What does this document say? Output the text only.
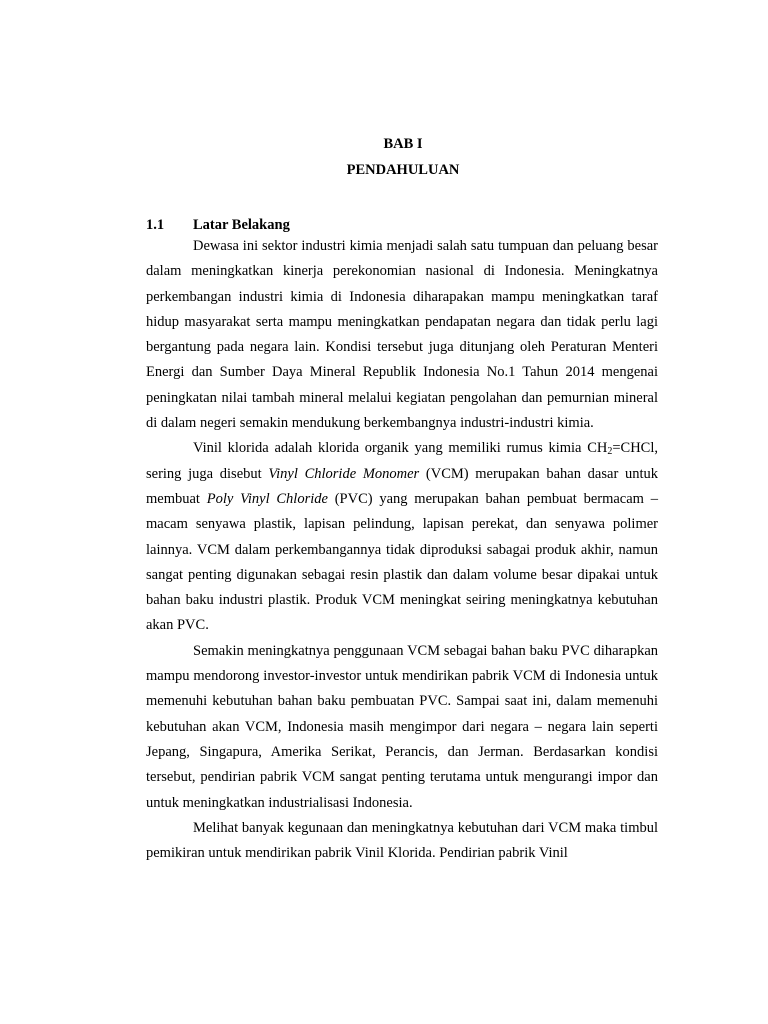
BAB I
PENDAHULUAN
1.1 Latar Belakang

Dewasa ini sektor industri kimia menjadi salah satu tumpuan dan peluang besar dalam meningkatkan kinerja perekonomian nasional di Indonesia. Meningkatnya perkembangan industri kimia di Indonesia diharapakan mampu meningkatkan taraf hidup masyarakat serta mampu meningkatkan pendapatan negara dan tidak perlu lagi bergantung pada negara lain. Kondisi tersebut juga ditunjang oleh Peraturan Menteri Energi dan Sumber Daya Mineral Republik Indonesia No.1 Tahun 2014 mengenai peningkatan nilai tambah mineral melalui kegiatan pengolahan dan pemurnian mineral di dalam negeri semakin mendukung berkembangnya industri-industri kimia.

Vinil klorida adalah klorida organik yang memiliki rumus kimia $CH_2=CHCl$, sering juga disebut Vinyl Chloride Monomer (VCM) merupakan bahan dasar untuk membuat Poly Vinyl Chloride (PVC) yang merupakan bahan pembuat bermacam – macam senyawa plastik, lapisan pelindung, lapisan perekat, dan senyawa polimer lainnya. VCM dalam perkembangannya tidak diproduksi sabagai produk akhir, namun sangat penting digunakan sebagai resin plastik dan dalam volume besar dipakai untuk bahan baku industri plastik. Produk VCM meningkat seiring meningkatnya kebutuhan akan PVC.

Semakin meningkatnya penggunaan VCM sebagai bahan baku PVC diharapkan mampu mendorong investor-investor untuk mendirikan pabrik VCM di Indonesia untuk memenuhi kebutuhan bahan baku pembuatan PVC. Sampai saat ini, dalam memenuhi kebutuhan akan VCM, Indonesia masih mengimpor dari negara – negara lain seperti Jepang, Singapura, Amerika Serikat, Perancis, dan Jerman. Berdasarkan kondisi tersebut, pendirian pabrik VCM sangat penting terutama untuk mengurangi impor dan untuk meningkatkan industrialisasi Indonesia.

Melihat banyak kegunaan dan meningkatnya kebutuhan dari VCM maka timbul pemikiran untuk mendirikan pabrik Vinil Klorida. Pendirian pabrik Vinil
